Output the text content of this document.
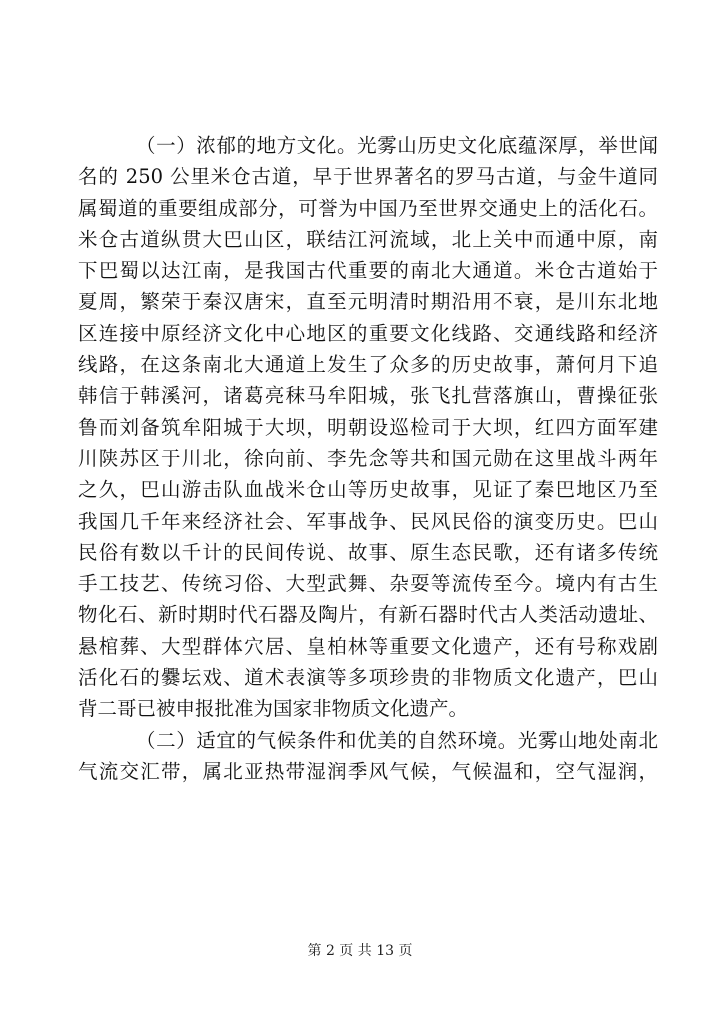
（一）浓郁的地方文化。光雾山历史文化底蕴深厚，举世闻
名的 250 公里米仓古道，早于世界著名的罗马古道，与金牛道同
属蜀道的重要组成部分，可誉为中国乃至世界交通史上的活化石。
米仓古道纵贯大巴山区，联结江河流域，北上关中而通中原，南
下巴蜀以达江南，是我国古代重要的南北大通道。米仓古道始于
夏周，繁荣于秦汉唐宋，直至元明清时期沿用不衰，是川东北地
区连接中原经济文化中心地区的重要文化线路、交通线路和经济
线路，在这条南北大通道上发生了众多的历史故事，萧何月下追
韩信于韩溪河，诸葛亮秣马牟阳城，张飞扎营落旗山，曹操征张
鲁而刘备筑牟阳城于大坝，明朝设巡检司于大坝，红四方面军建
川陕苏区于川北，徐向前、李先念等共和国元勋在这里战斗两年
之久，巴山游击队血战米仓山等历史故事，见证了秦巴地区乃至
我国几千年来经济社会、军事战争、民风民俗的演变历史。巴山
民俗有数以千计的民间传说、故事、原生态民歌，还有诸多传统
手工技艺、传统习俗、大型武舞、杂耍等流传至今。境内有古生
物化石、新时期时代石器及陶片，有新石器时代古人类活动遗址、
悬棺葬、大型群体穴居、皇柏林等重要文化遗产，还有号称戏剧
活化石的爨坛戏、道术表演等多项珍贵的非物质文化遗产，巴山
背二哥已被申报批准为国家非物质文化遗产。
（二）适宜的气候条件和优美的自然环境。光雾山地处南北
气流交汇带，属北亚热带湿润季风气候，气候温和，空气湿润，
第 2 页 共 13 页
